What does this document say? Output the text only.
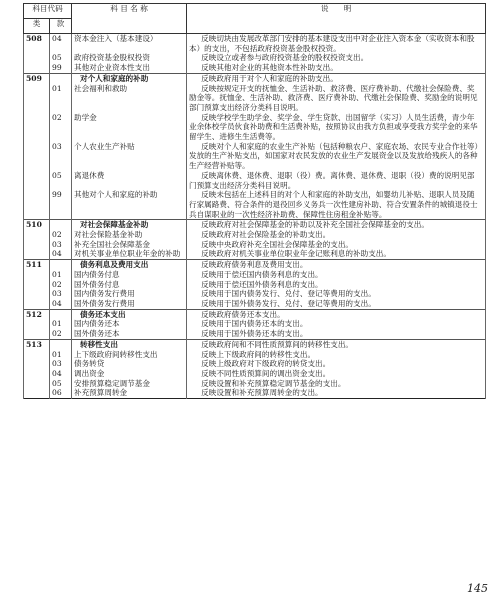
科目代码		科 目 名 称	说　　明
类	款		
508	04	资本金注入（基本建设）	反映切块由发展改革部门安排的基本建设支出中对企业注入资本金（实收资本和股本）的支出，不包括政府投资基金股权投资。
	05	政府投资基金股权投资	反映设立或者参与政府投资基金的股权投资支出。
	99	其他对企业资本性支出	反映其他对企业的其他资本性补助支出。
509		对个人和家庭的补助	反映政府用于对个人和家庭的补助支出。
	01	社会福利和救助	反映按规定开支的抚恤金、生活补助、救济费、医疗费补助、代缴社会保险费、奖励金等。抚恤金、生活补助、救济费、医疗费补助、代缴社会保险费、奖励金的说明见部门预算支出经济分类科目说明。
	02	助学金	反映学校学生助学金、奖学金、学生贷款、出国留学（实习）人员生活费，青少年业余体校学员伙食补助费和生活费补贴，按照协议由我方负担或享受我方奖学金的来华留学生、进修生生活费等。
	03	个人农业生产补贴	反映对个人和家庭的农业生产补贴（包括种粮农户、家庭农场、农民专业合作社等）发放的生产补贴支出，如国家对农民发放的农业生产发展资金以及发放给残疾人的各种生产经营补贴等。
	05	离退休费	反映离休费、退休费、退职（役）费。离休费、退休费、退职（役）费的说明见部门预算支出经济分类科目说明。
	99	其他对个人和家庭的补助	反映未包括在上述科目的对个人和家庭的补助支出，如婴幼儿补贴、退职人员及随行家属路费、符合条件的退役回乡义务兵一次性建房补助、符合安置条件的城镇退役士兵自谋职业的一次性经济补助费、保障性住房租金补贴等。
510		对社会保障基金补助	反映政府对社会保障基金的补助以及补充全国社会保障基金的支出。
	02	对社会保险基金补助	反映政府对社会保险基金的补助支出。
	03	补充全国社会保障基金	反映中央政府补充全国社会保障基金的支出。
	04	对机关事业单位职业年金的补助	反映政府对机关事业单位职业年金记账利息的补助支出。
511		债务利息及费用支出	反映政府债务利息及费用支出。
	01	国内债务付息	反映用于偿还国内债务利息的支出。
	02	国外债务付息	反映用于偿还国外债务利息的支出。
	03	国内债务发行费用	反映用于国内债务发行、兑付、登记等费用的支出。
	04	国外债务发行费用	反映用于国外债务发行、兑付、登记等费用的支出。
512		债务还本支出	反映政府债务还本支出。
	01	国内债务还本	反映用于国内债务还本的支出。
	02	国外债务还本	反映用于国外债务还本的支出。
513		转移性支出	反映政府间和不同性质预算间的转移性支出。
	01	上下级政府间转移性支出	反映上下级政府间的转移性支出。
	03	债务转贷	反映上级政府对下级政府的转贷支出。
	04	调出资金	反映不同性质预算间的调出资金支出。
	05	安排预算稳定调节基金	反映设置和补充预算稳定调节基金的支出。
	06	补充预算周转金	反映设置和补充预算周转金的支出。
145
